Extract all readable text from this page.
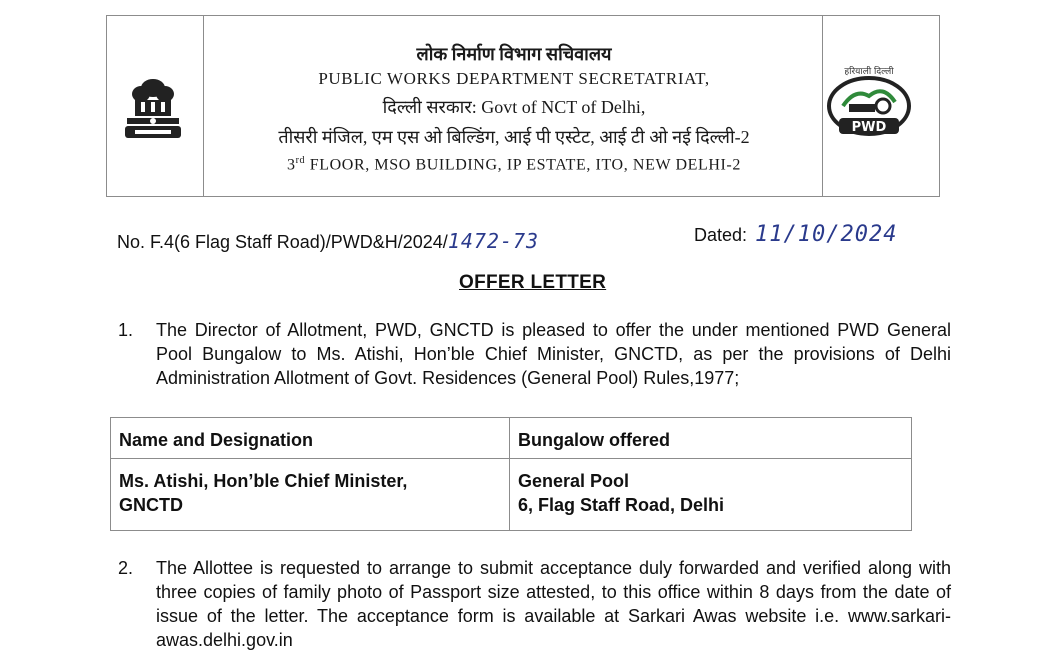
लोक निर्माण विभाग सचिवालय
PUBLIC WORKS DEPARTMENT SECRETATRIAT,
दिल्ली सरकार: Govt of NCT of Delhi,
तीसरी मंजिल, एम एस ओ बिल्डिंग, आई पी एस्टेट, आई टी ओ नई दिल्ली-2
3rd FLOOR, MSO BUILDING, IP ESTATE, ITO, NEW DELHI-2
हरियाली दिल्ली
PWD
No. F.4(6 Flag Staff Road)/PWD&H/2024/1472-73	Dated: 11/10/2024
OFFER LETTER
1. The Director of Allotment, PWD, GNCTD is pleased to offer the under mentioned PWD General Pool Bungalow to Ms. Atishi, Hon’ble Chief Minister, GNCTD, as per the provisions of Delhi Administration Allotment of Govt. Residences (General Pool) Rules,1977;
Name and Designation	Bungalow offered

Ms. Atishi, Hon’ble Chief Minister,
GNCTD	General Pool
6, Flag Staff Road, Delhi
2. The Allottee is requested to arrange to submit acceptance duly forwarded and verified along with three copies of family photo of Passport size attested, to this office within 8 days from the date of issue of the letter. The acceptance form is available at Sarkari Awas website i.e. www.sarkari-awas.delhi.gov.in
